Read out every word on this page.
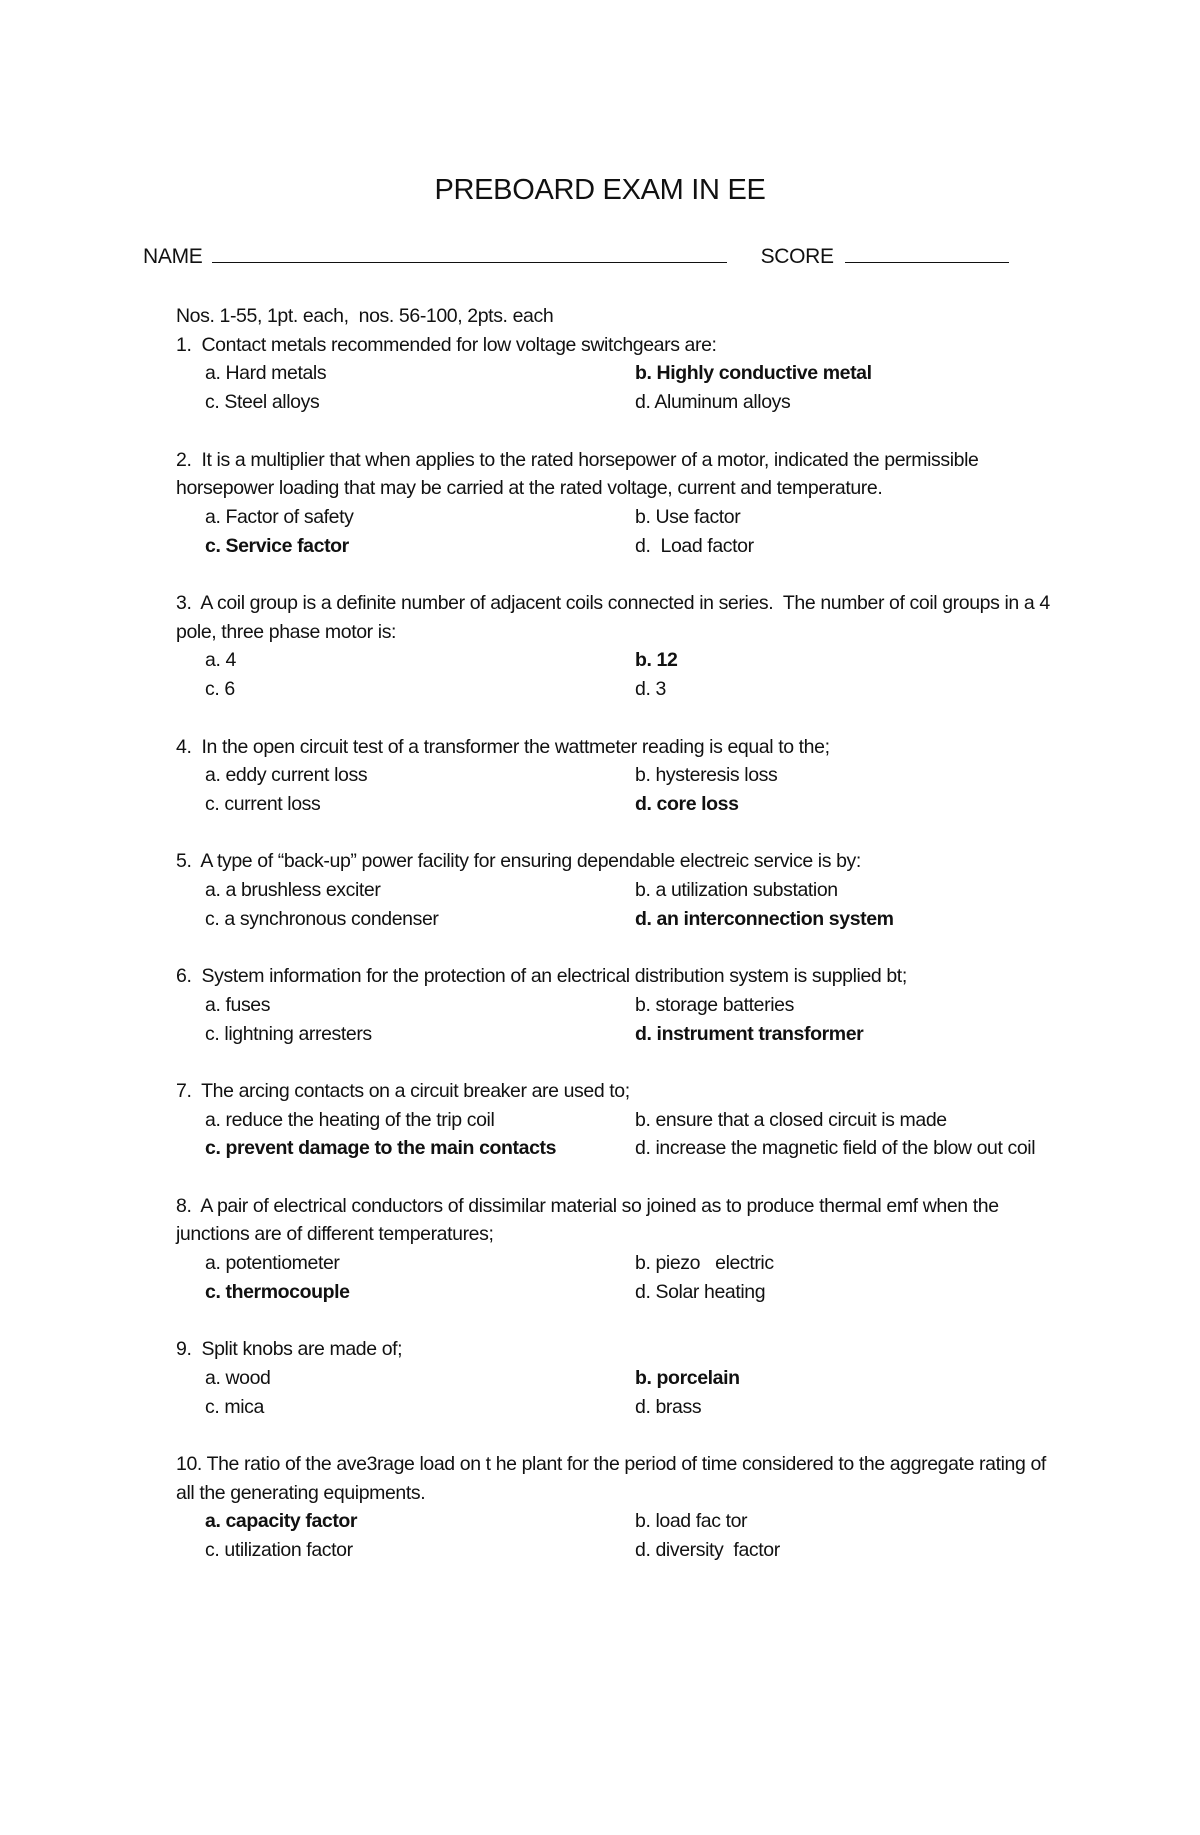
PREBOARD EXAM IN EE
NAME	SCORE
Nos. 1-55, 1pt. each,  nos. 56-100, 2pts. each
1.  Contact metals recommended for low voltage switchgears are:
a. Hard metals	b. Highly conductive metal
c. Steel alloys	d. Aluminum alloys
2.  It is a multiplier that when applies to the rated horsepower of a motor, indicated the permissible horsepower loading that may be carried at the rated voltage, current and temperature.
a. Factor of safety	b. Use factor
c. Service factor	d.  Load factor
3.  A coil group is a definite number of adjacent coils connected in series.  The number of coil groups in a 4 pole, three phase motor is:
a. 4	b. 12
c. 6	d. 3
4.  In the open circuit test of a transformer the wattmeter reading is equal to the;
a. eddy current loss	b. hysteresis loss
c. current loss	d. core loss
5.  A type of “back-up” power facility for ensuring dependable electreic service is by:
a. a brushless exciter	b. a utilization substation
c. a synchronous condenser	d. an interconnection system
6.  System information for the protection of an electrical distribution system is supplied bt;
a. fuses	b. storage batteries
c. lightning arresters	d. instrument transformer
7.  The arcing contacts on a circuit breaker are used to;
a. reduce the heating of the trip coil	b. ensure that a closed circuit is made
c. prevent damage to the main contacts	d. increase the magnetic field of the blow out coil
8.  A pair of electrical conductors of dissimilar material so joined as to produce thermal emf when the junctions are of different temperatures;
a. potentiometer	b. piezo   electric
c. thermocouple	d. Solar heating
9.  Split knobs are made of;
a. wood	b. porcelain
c. mica	d. brass
10. The ratio of the ave3rage load on t he plant for the period of time considered to the aggregate rating of all the generating equipments.
a. capacity factor	b. load fac tor
c. utilization factor	d. diversity  factor
